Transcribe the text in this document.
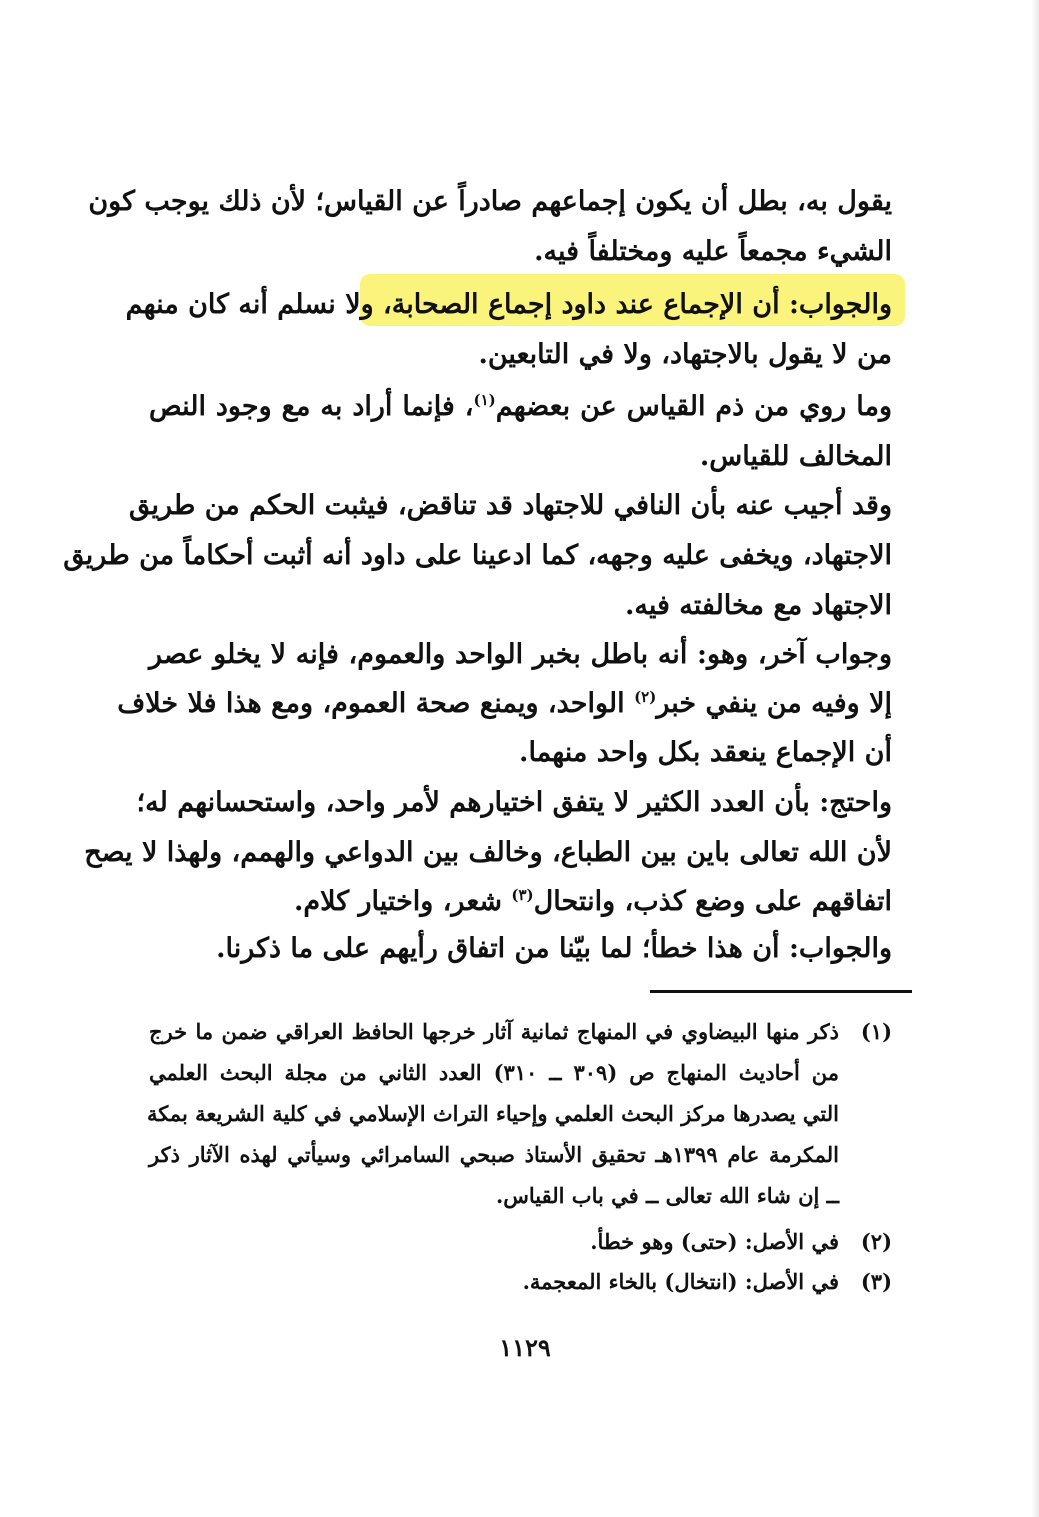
يقول به، بطل أن يكون إجماعهم صادراً عن القياس؛ لأن ذلك يوجب كون
الشيء مجمعاً عليه ومختلفاً فيه.
والجواب: أن الإجماع عند داود إجماع الصحابة، ولا نسلم أنه كان منهم
من لا يقول بالاجتهاد، ولا في التابعين.
وما روي من ذم القياس عن بعضهم$^{(١)}$، فإنما أراد به مع وجود النص
المخالف للقياس.
وقد أجيب عنه بأن النافي للاجتهاد قد تناقض، فيثبت الحكم من طريق
الاجتهاد، ويخفى عليه وجهه، كما ادعينا على داود أنه أثبت أحكاماً من طريق
الاجتهاد مع مخالفته فيه.
وجواب آخر، وهو: أنه باطل بخبر الواحد والعموم، فإنه لا يخلو عصر
إلا وفيه من ينفي خبر$^{(٢)}$ الواحد، ويمنع صحة العموم، ومع هذا فلا خلاف
أن الإجماع ينعقد بكل واحد منهما.
واحتج: بأن العدد الكثير لا يتفق اختيارهم لأمر واحد، واستحسانهم له؛
لأن الله تعالى باين بين الطباع، وخالف بين الدواعي والهمم، ولهذا لا يصح
اتفاقهم على وضع كذب، وانتحال$^{(٣)}$ شعر، واختيار كلام.
والجواب: أن هذا خطأ؛ لما بيّنا من اتفاق رأيهم على ما ذكرنا.
(١)
ذكر منها البيضاوي في المنهاج ثمانية آثار خرجها الحافظ العراقي ضمن ما خرج
من أحاديث المنهاج ص (٣٠٩ ــ ٣١٠) العدد الثاني من مجلة البحث العلمي
التي يصدرها مركز البحث العلمي وإحياء التراث الإسلامي في كلية الشريعة بمكة
المكرمة عام ١٣٩٩هـ تحقيق الأستاذ صبحي السامرائي وسيأتي لهذه الآثار ذكر
ــ إن شاء الله تعالى ــ في باب القياس.
(٢)
في الأصل: (حتى) وهو خطأ.
(٣)
في الأصل: (انتخال) بالخاء المعجمة.
١١٢٩
